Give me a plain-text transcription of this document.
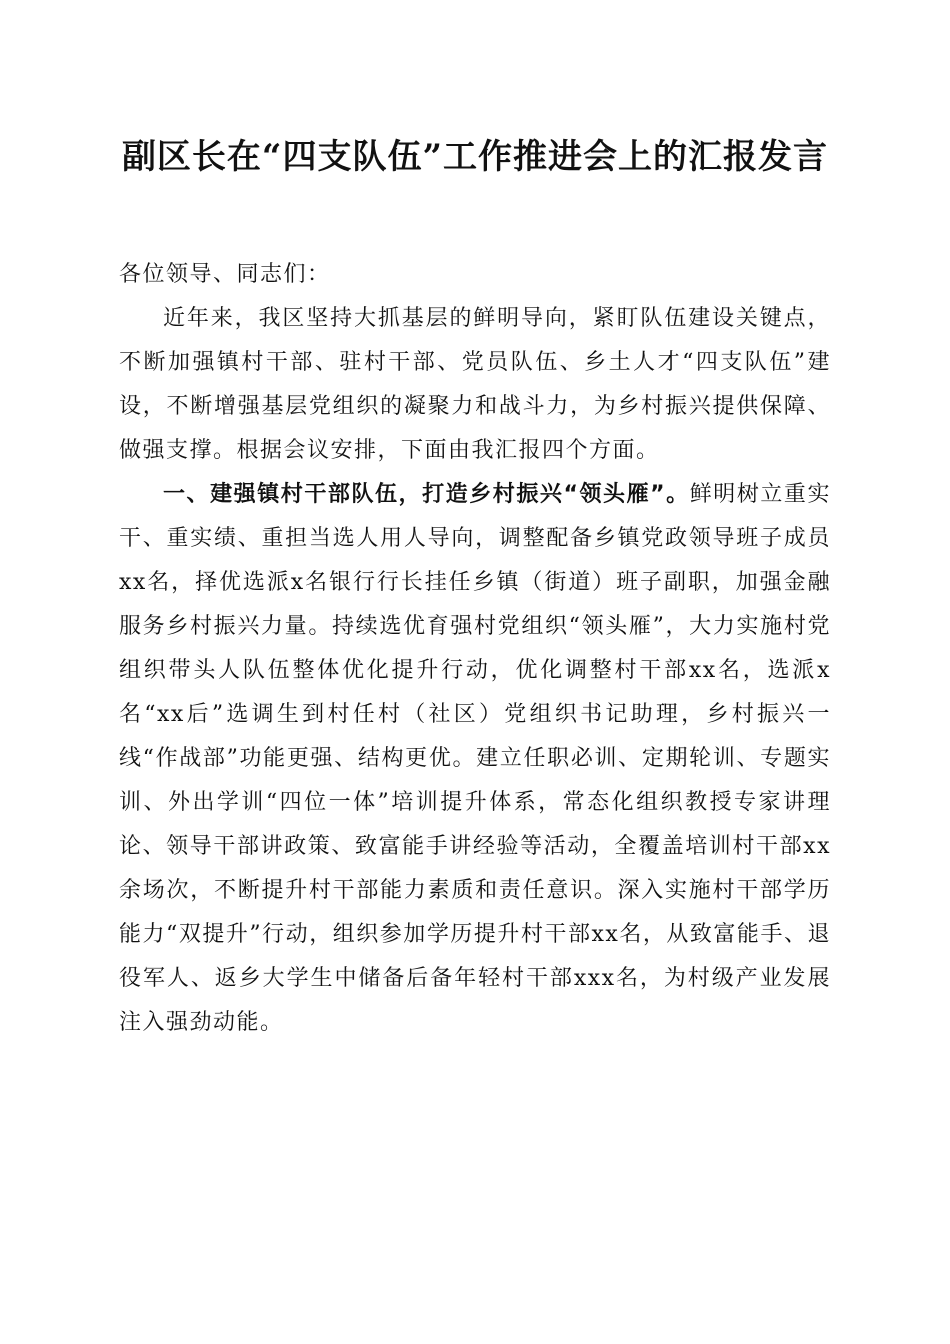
副区长在“四支队伍”工作推进会上的汇报发言

各位领导、同志们：

近年来，我区坚持大抓基层的鲜明导向，紧盯队伍建设关键点，不断加强镇村干部、驻村干部、党员队伍、乡土人才“四支队伍”建设，不断增强基层党组织的凝聚力和战斗力，为乡村振兴提供保障、做强支撑。根据会议安排，下面由我汇报四个方面。

一、建强镇村干部队伍，打造乡村振兴“领头雁”。鲜明树立重实干、重实绩、重担当选人用人导向，调整配备乡镇党政领导班子成员xx名，择优选派x名银行行长挂任乡镇（街道）班子副职，加强金融服务乡村振兴力量。持续选优育强村党组织“领头雁”，大力实施村党组织带头人队伍整体优化提升行动，优化调整村干部xx名，选派x名“xx后”选调生到村任村（社区）党组织书记助理，乡村振兴一线“作战部”功能更强、结构更优。建立任职必训、定期轮训、专题实训、外出学训“四位一体”培训提升体系，常态化组织教授专家讲理论、领导干部讲政策、致富能手讲经验等活动，全覆盖培训村干部xx余场次，不断提升村干部能力素质和责任意识。深入实施村干部学历能力“双提升”行动，组织参加学历提升村干部xx名，从致富能手、退役军人、返乡大学生中储备后备年轻村干部xxx名，为村级产业发展注入强劲动能。
